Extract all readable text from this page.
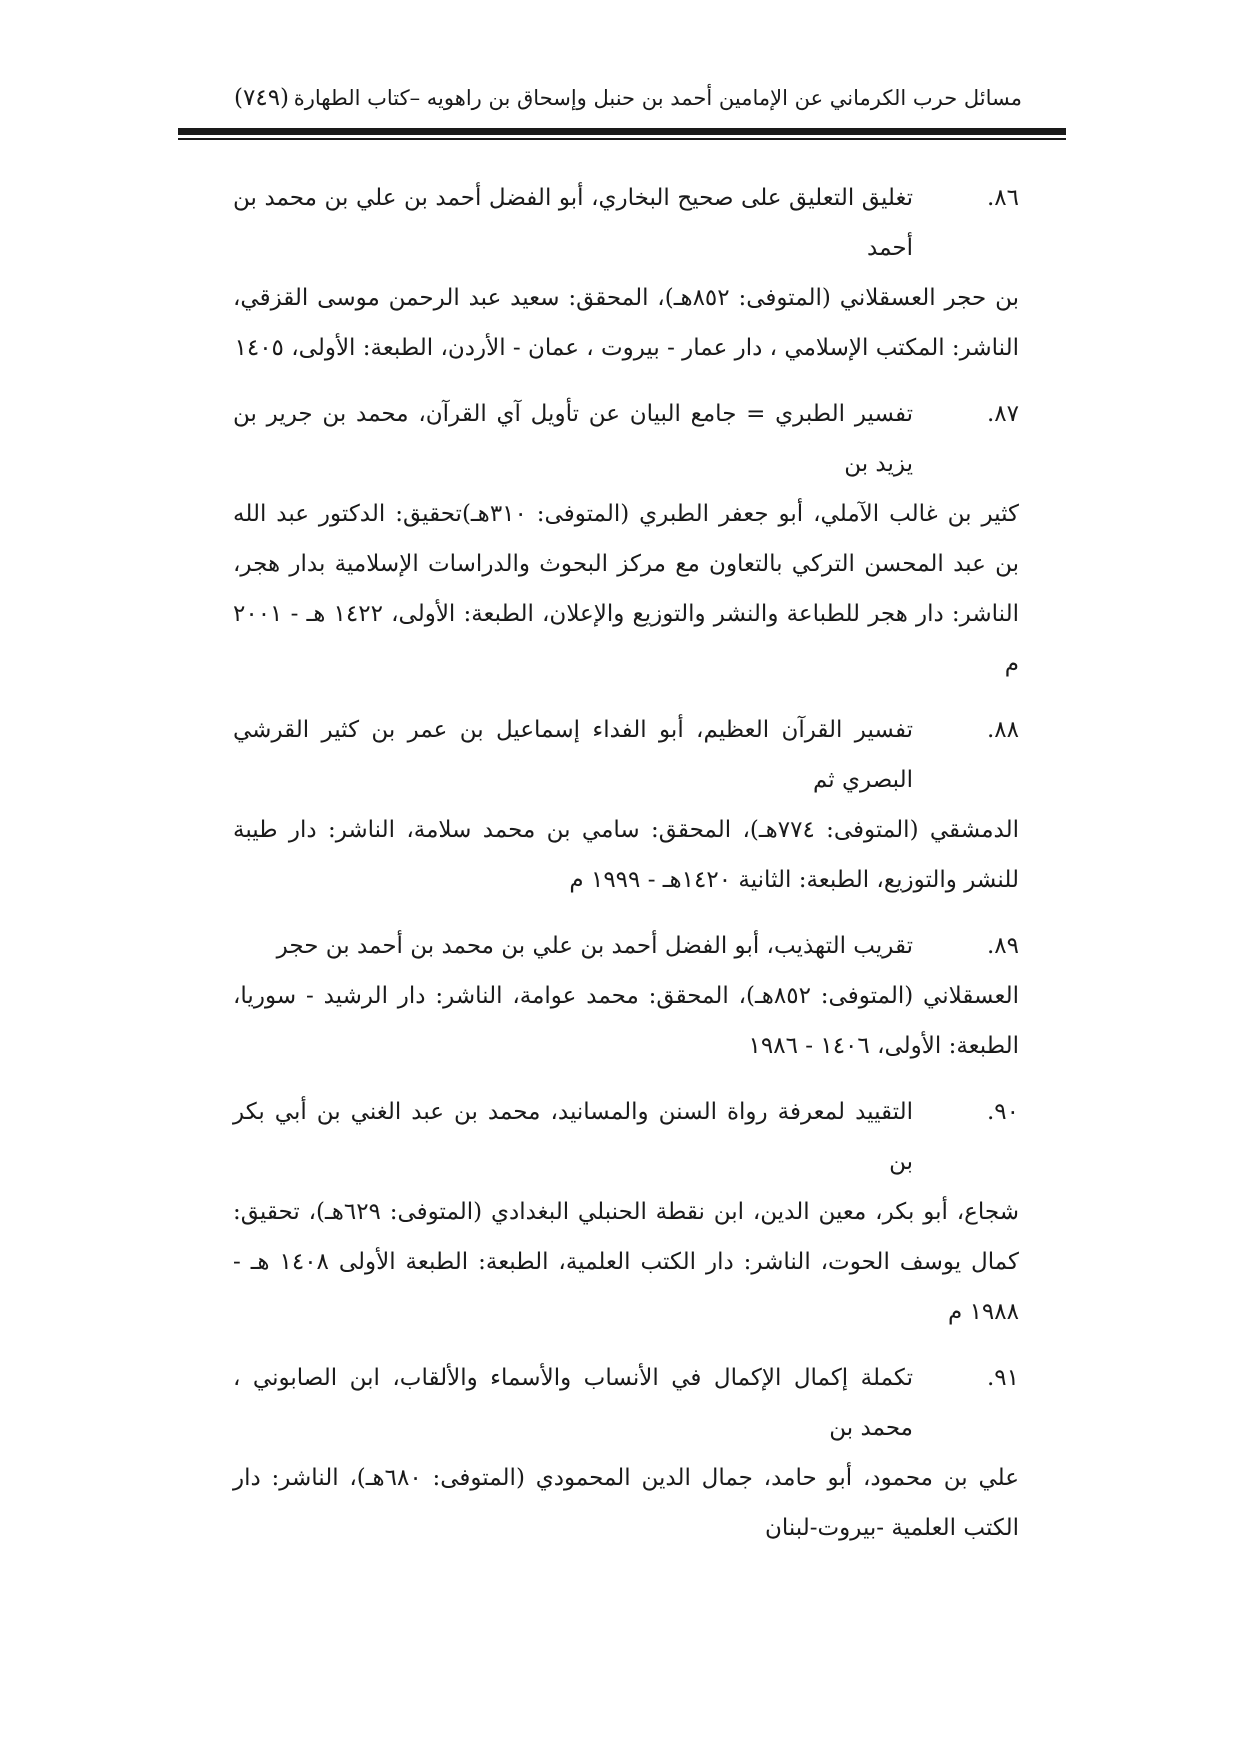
مسائل حرب الكرماني عن الإمامين أحمد بن حنبل وإسحاق بن راهويه –كتاب الطهارة
(٧٤٩)
٨٦.
تغليق التعليق على صحيح البخاري، أبو الفضل أحمد بن علي بن محمد بن أحمد
بن حجر العسقلاني (المتوفى: ٨٥٢هـ)، المحقق: سعيد عبد الرحمن موسى القزقي، الناشر: المكتب الإسلامي ، دار عمار - بيروت ، عمان - الأردن، الطبعة: الأولى، ١٤٠٥
٨٧.
تفسير الطبري = جامع البيان عن تأويل آي القرآن، محمد بن جرير بن يزيد بن
كثير بن غالب الآملي، أبو جعفر الطبري (المتوفى: ٣١٠هـ)تحقيق: الدكتور عبد الله بن عبد المحسن التركي بالتعاون مع مركز البحوث والدراسات الإسلامية بدار هجر، الناشر: دار هجر للطباعة والنشر والتوزيع والإعلان، الطبعة: الأولى، ١٤٢٢ هـ - ٢٠٠١ م
٨٨.
تفسير القرآن العظيم، أبو الفداء إسماعيل بن عمر بن كثير القرشي البصري ثم
الدمشقي (المتوفى: ٧٧٤هـ)، المحقق: سامي بن محمد سلامة، الناشر: دار طيبة للنشر والتوزيع، الطبعة: الثانية ١٤٢٠هـ - ١٩٩٩ م
٨٩.
تقريب التهذيب، أبو الفضل أحمد بن علي بن محمد بن أحمد بن حجر
العسقلاني (المتوفى: ٨٥٢هـ)، المحقق: محمد عوامة، الناشر: دار الرشيد - سوريا، الطبعة: الأولى، ١٤٠٦ - ١٩٨٦
٩٠.
التقييد لمعرفة رواة السنن والمسانيد، محمد بن عبد الغني بن أبي بكر بن
شجاع، أبو بكر، معين الدين، ابن نقطة الحنبلي البغدادي (المتوفى: ٦٢٩هـ)، تحقيق: كمال يوسف الحوت، الناشر: دار الكتب العلمية، الطبعة: الطبعة الأولى ١٤٠٨ هـ - ١٩٨٨ م
٩١.
تكملة إكمال الإكمال في الأنساب والأسماء والألقاب، ابن الصابوني ، محمد بن
علي بن محمود، أبو حامد، جمال الدين المحمودي (المتوفى: ٦٨٠هـ)، الناشر: دار الكتب العلمية -بيروت-لبنان
